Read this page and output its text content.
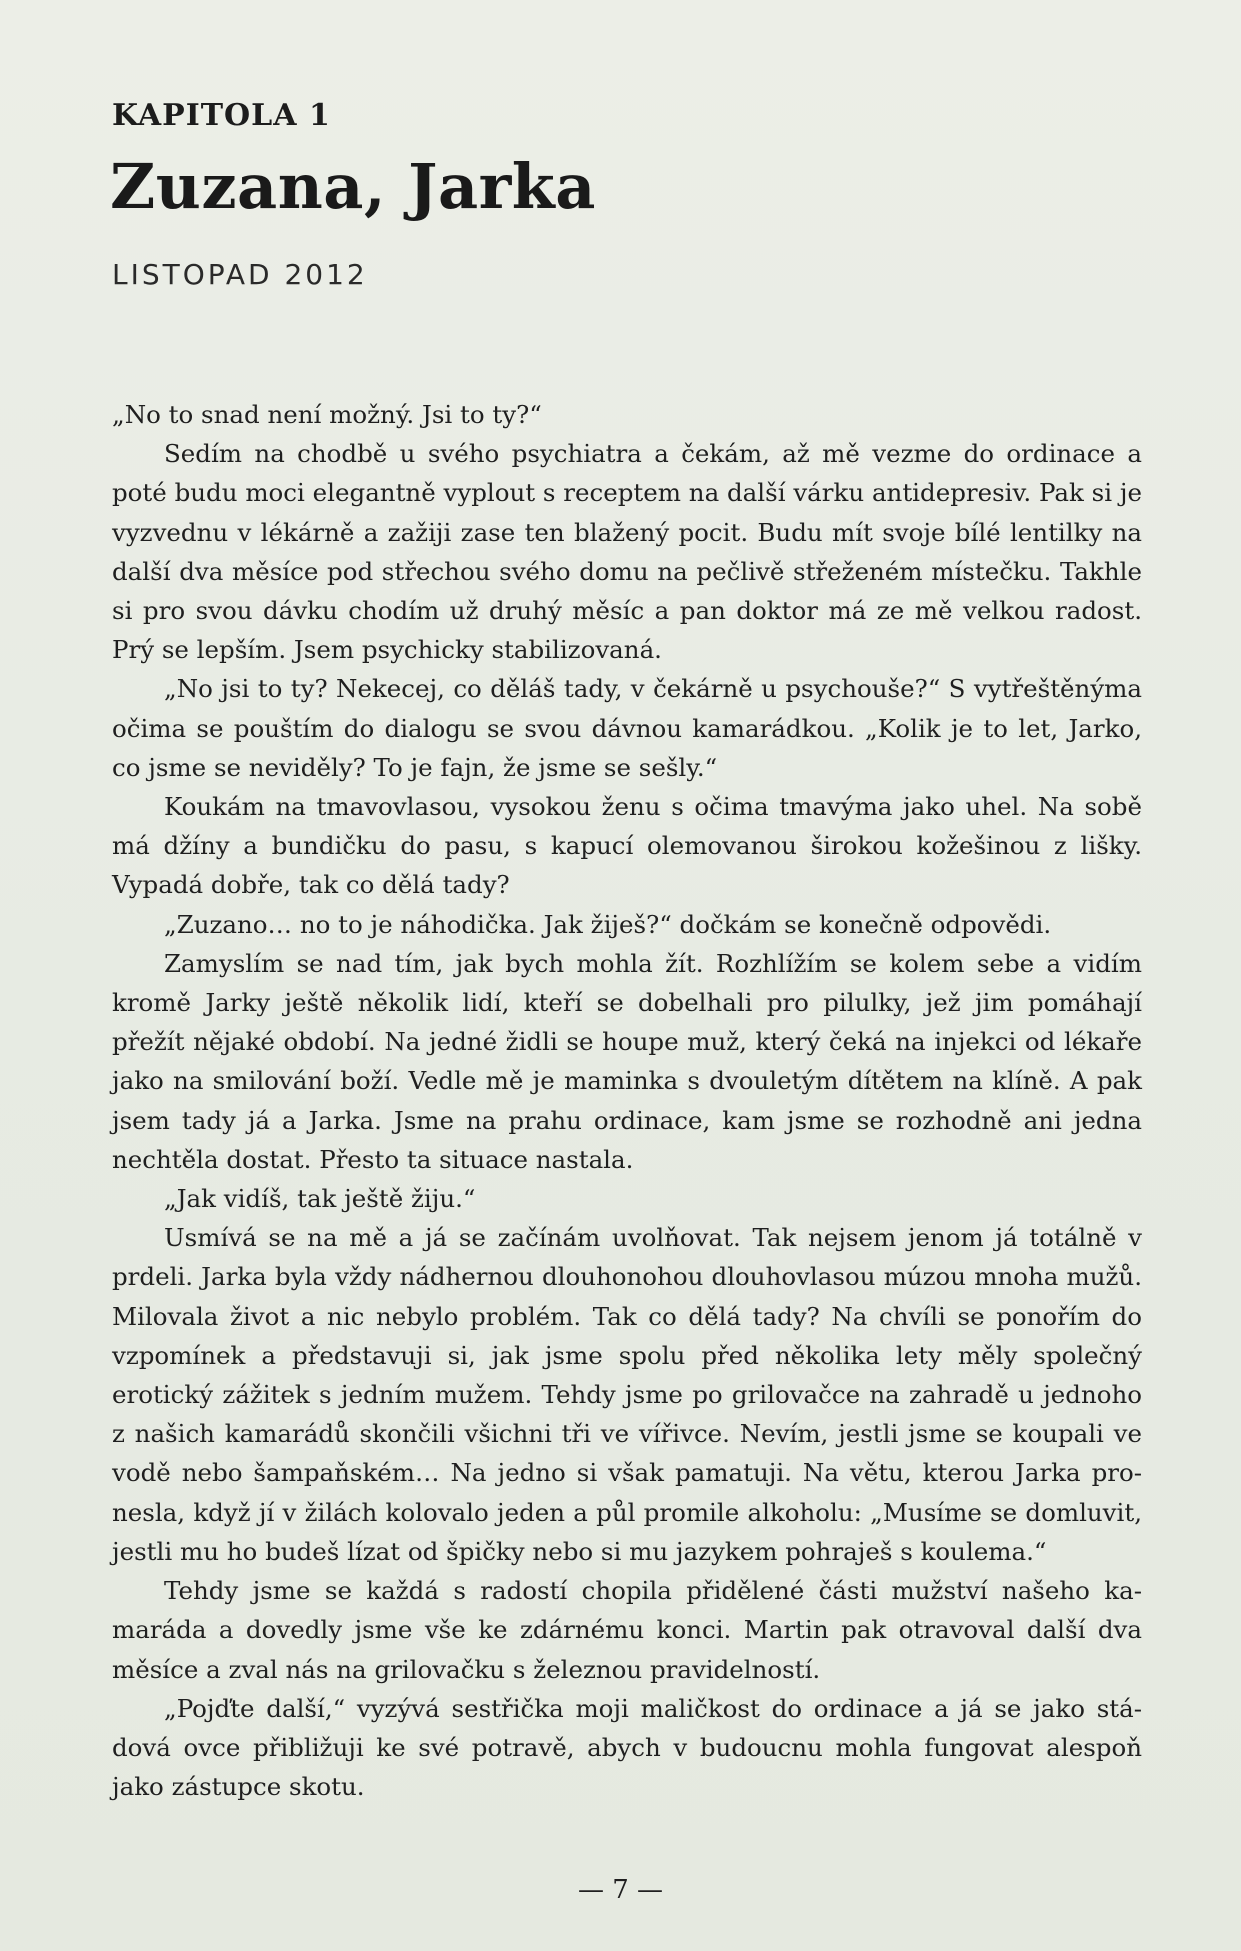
KAPITOLA 1
Zuzana, Jarka
LISTOPAD 2012

„No to snad není možný. Jsi to ty?“

Sedím na chodbě u svého psychiatra a čekám, až mě vezme do ordinace a poté budu moci elegantně vyplout s receptem na další várku antidepresiv. Pak si je vyzvednu v lékárně a zažiji zase ten blažený pocit. Budu mít svoje bílé lentilky na další dva měsíce pod střechou svého domu na pečlivě střeženém místečku. Takhle si pro svou dávku chodím už druhý měsíc a pan doktor má ze mě velkou radost. Prý se lepším. Jsem psychicky stabilizovaná.

„No jsi to ty? Nekecej, co děláš tady, v čekárně u psychouše?“ S vytřeštěnýma očima se pouštím do dialogu se svou dávnou kamarádkou. „Kolik je to let, Jarko, co jsme se neviděly? To je fajn, že jsme se sešly.“

Koukám na tmavovlasou, vysokou ženu s očima tmavýma jako uhel. Na sobě má džíny a bundičku do pasu, s kapucí olemovanou širokou kožešinou z lišky. Vypadá dobře, tak co dělá tady?

„Zuzano… no to je náhodička. Jak žiješ?“ dočkám se konečně odpovědi.

Zamyslím se nad tím, jak bych mohla žít. Rozhlížím se kolem sebe a vidím kromě Jarky ještě několik lidí, kteří se dobelhali pro pilulky, jež jim pomáhají přežít nějaké období. Na jedné židli se houpe muž, který čeká na injekci od lékaře jako na smilování boží. Vedle mě je maminka s dvouletým dítětem na klíně. A pak jsem tady já a Jarka. Jsme na prahu ordinace, kam jsme se rozhodně ani jedna nechtěla dostat. Přesto ta situace nastala.

„Jak vidíš, tak ještě žiju.“

Usmívá se na mě a já se začínám uvolňovat. Tak nejsem jenom já totálně v prdeli. Jarka byla vždy nádhernou dlouhonohou dlouhovlasou múzou mnoha mužů. Milovala život a nic nebylo problém. Tak co dělá tady? Na chvíli se ponořím do vzpomínek a představuji si, jak jsme spolu před několika lety měly společný erotický zážitek s jedním mužem. Tehdy jsme po grilovačce na zahradě u jednoho z našich kamarádů skončili všichni tři ve vířivce. Nevím, jestli jsme se koupali ve vodě nebo šampaňském… Na jedno si však pamatuji. Na větu, kterou Jarka pronesla, když jí v žilách kolovalo jeden a půl promile alkoholu: „Musíme se domluvit, jestli mu ho budeš lízat od špičky nebo si mu jazykem pohraješ s koulema.“

Tehdy jsme se každá s radostí chopila přidělené části mužství našeho kamaráda a dovedly jsme vše ke zdárnému konci. Martin pak otravoval další dva měsíce a zval nás na grilovačku s železnou pravidelností.

„Pojďte další,“ vyzývá sestřička moji maličkost do ordinace a já se jako stádová ovce přibližuji ke své potravě, abych v budoucnu mohla fungovat alespoň jako zástupce skotu.

— 7 —
